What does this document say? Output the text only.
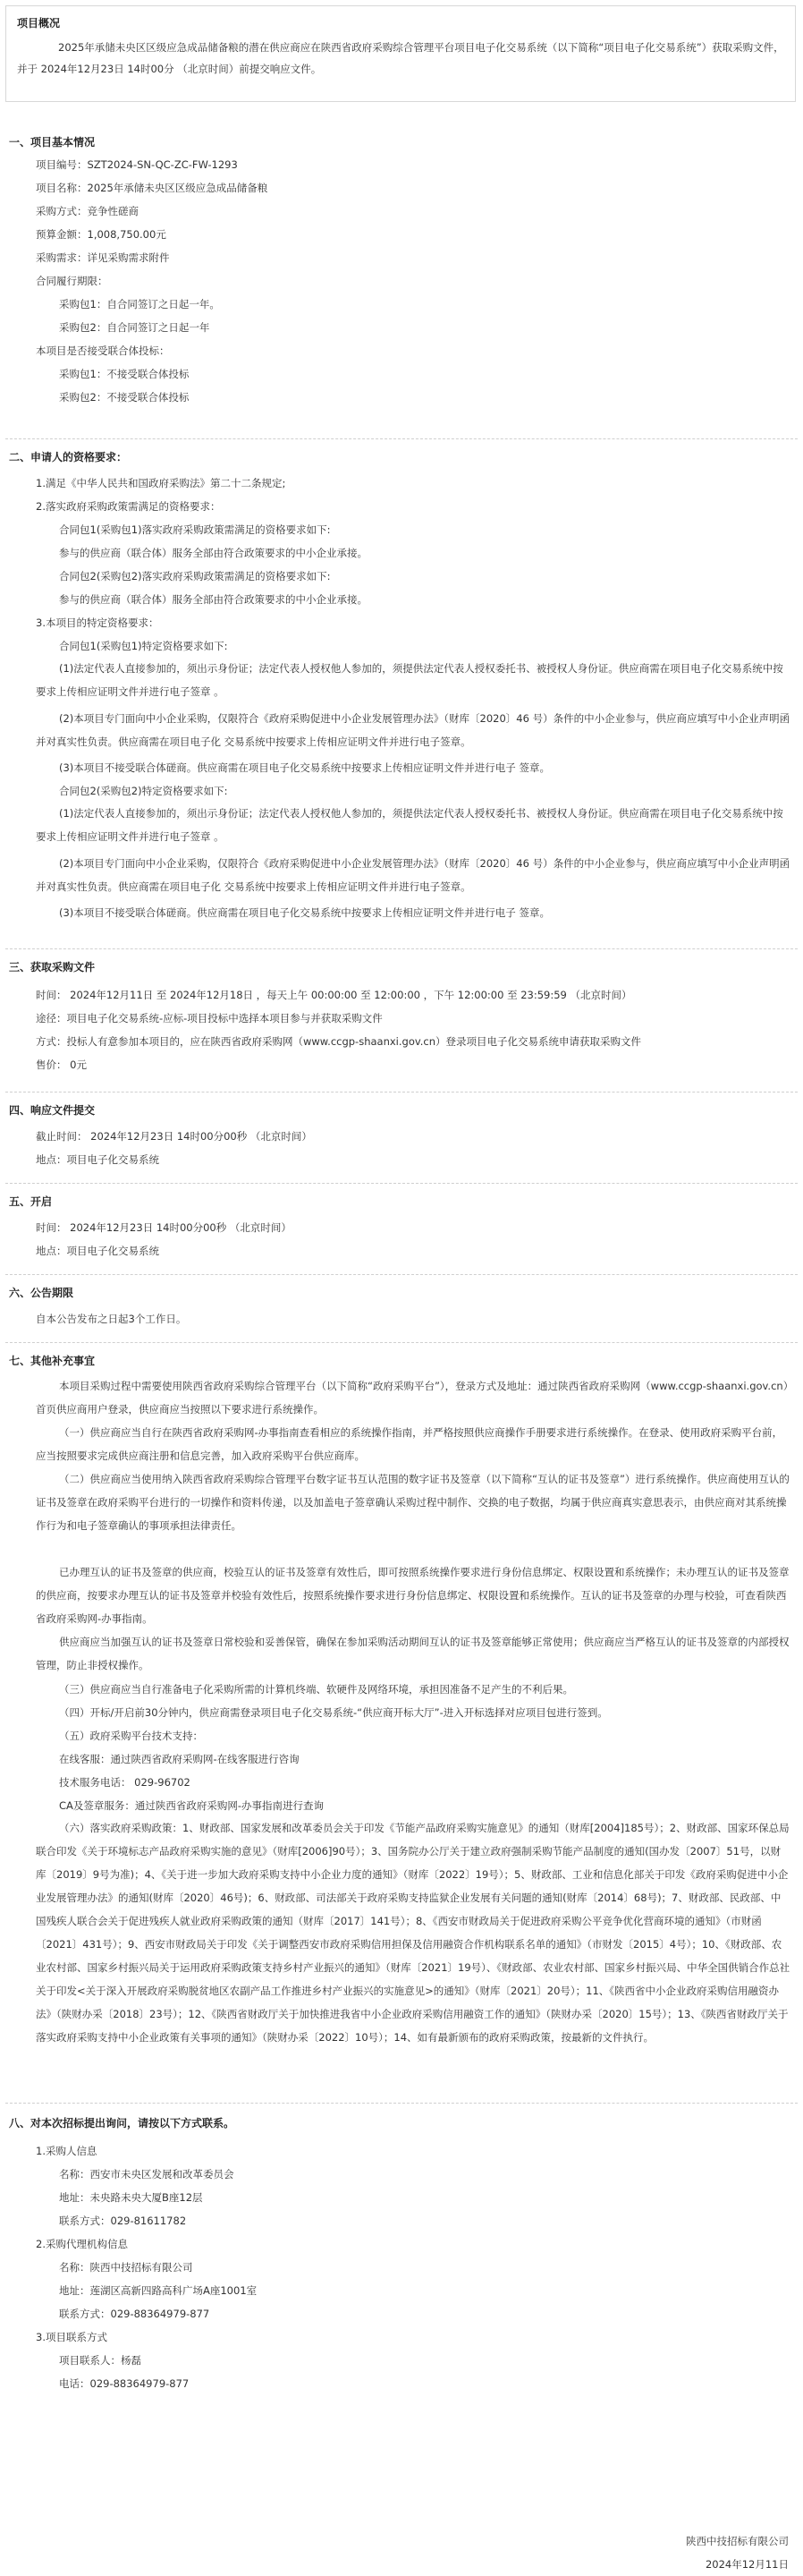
项目概况
2025年承储未央区区级应急成品储备粮的潜在供应商应在陕西省政府采购综合管理平台项目电子化交易系统（以下简称“项目电子化交易系统”）获取采购文件，并于 2024年12月23日 14时00分 （北京时间）前提交响应文件。
一、项目基本情况
项目编号：SZT2024-SN-QC-ZC-FW-1293
项目名称：2025年承储未央区区级应急成品储备粮
采购方式：竞争性磋商
预算金额：1,008,750.00元
采购需求：详见采购需求附件
合同履行期限：
采购包1：自合同签订之日起一年。
采购包2：自合同签订之日起一年
本项目是否接受联合体投标：
采购包1：不接受联合体投标
采购包2：不接受联合体投标
二、申请人的资格要求：
1.满足《中华人民共和国政府采购法》第二十二条规定;
2.落实政府采购政策需满足的资格要求：
合同包1(采购包1)落实政府采购政策需满足的资格要求如下:
参与的供应商（联合体）服务全部由符合政策要求的中小企业承接。
合同包2(采购包2)落实政府采购政策需满足的资格要求如下:
参与的供应商（联合体）服务全部由符合政策要求的中小企业承接。
3.本项目的特定资格要求：
合同包1(采购包1)特定资格要求如下:
(1)法定代表人直接参加的，须出示身份证；法定代表人授权他人参加的，须提供法定代表人授权委托书、被授权人身份证。供应商需在项目电子化交易系统中按要求上传相应证明文件并进行电子签章 。
(2)本项目专门面向中小企业采购，仅限符合《政府采购促进中小企业发展管理办法》（财库〔2020〕46 号）条件的中小企业参与，供应商应填写中小企业声明函并对真实性负责。供应商需在项目电子化 交易系统中按要求上传相应证明文件并进行电子签章。
(3)本项目不接受联合体磋商。供应商需在项目电子化交易系统中按要求上传相应证明文件并进行电子 签章。
合同包2(采购包2)特定资格要求如下:
(1)法定代表人直接参加的，须出示身份证；法定代表人授权他人参加的，须提供法定代表人授权委托书、被授权人身份证。供应商需在项目电子化交易系统中按要求上传相应证明文件并进行电子签章 。
(2)本项目专门面向中小企业采购，仅限符合《政府采购促进中小企业发展管理办法》（财库〔2020〕46 号）条件的中小企业参与，供应商应填写中小企业声明函并对真实性负责。供应商需在项目电子化 交易系统中按要求上传相应证明文件并进行电子签章。
(3)本项目不接受联合体磋商。供应商需在项目电子化交易系统中按要求上传相应证明文件并进行电子 签章。
三、获取采购文件
时间： 2024年12月11日 至 2024年12月18日 ，每天上午 00:00:00 至 12:00:00 ，下午 12:00:00 至 23:59:59 （北京时间）
途径：项目电子化交易系统-应标-项目投标中选择本项目参与并获取采购文件
方式：投标人有意参加本项目的，应在陕西省政府采购网（www.ccgp-shaanxi.gov.cn）登录项目电子化交易系统申请获取采购文件
售价： 0元
四、响应文件提交
截止时间： 2024年12月23日 14时00分00秒 （北京时间）
地点：项目电子化交易系统
五、开启
时间： 2024年12月23日 14时00分00秒 （北京时间）
地点：项目电子化交易系统
六、公告期限
自本公告发布之日起3个工作日。
七、其他补充事宜
本项目采购过程中需要使用陕西省政府采购综合管理平台（以下简称“政府采购平台”），登录方式及地址：通过陕西省政府采购网（www.ccgp-shaanxi.gov.cn）首页供应商用户登录，供应商应当按照以下要求进行系统操作。
（一）供应商应当自行在陕西省政府采购网-办事指南查看相应的系统操作指南，并严格按照供应商操作手册要求进行系统操作。在登录、使用政府采购平台前，应当按照要求完成供应商注册和信息完善，加入政府采购平台供应商库。
（二）供应商应当使用纳入陕西省政府采购综合管理平台数字证书互认范围的数字证书及签章（以下简称“互认的证书及签章”）进行系统操作。供应商使用互认的证书及签章在政府采购平台进行的一切操作和资料传递，以及加盖电子签章确认采购过程中制作、交换的电子数据，均属于供应商真实意思表示，由供应商对其系统操作行为和电子签章确认的事项承担法律责任。
已办理互认的证书及签章的供应商，校验互认的证书及签章有效性后，即可按照系统操作要求进行身份信息绑定、权限设置和系统操作；未办理互认的证书及签章的供应商，按要求办理互认的证书及签章并校验有效性后，按照系统操作要求进行身份信息绑定、权限设置和系统操作。互认的证书及签章的办理与校验，可查看陕西省政府采购网-办事指南。
供应商应当加强互认的证书及签章日常校验和妥善保管，确保在参加采购活动期间互认的证书及签章能够正常使用；供应商应当严格互认的证书及签章的内部授权管理，防止非授权操作。
（三）供应商应当自行准备电子化采购所需的计算机终端、软硬件及网络环境，承担因准备不足产生的不利后果。
（四）开标/开启前30分钟内，供应商需登录项目电子化交易系统-“供应商开标大厅”-进入开标选择对应项目包进行签到。
（五）政府采购平台技术支持：
在线客服：通过陕西省政府采购网-在线客服进行咨询
技术服务电话： 029-96702
CA及签章服务：通过陕西省政府采购网-办事指南进行查询
（六）落实政府采购政策：1、财政部、国家发展和改革委员会关于印发《节能产品政府采购实施意见》的通知（财库[2004]185号）；2、财政部、国家环保总局联合印发《关于环境标志产品政府采购实施的意见》（财库[2006]90号）；3、国务院办公厅关于建立政府强制采购节能产品制度的通知(国办发〔2007〕51号，以财库〔2019〕9号为准)；4、《关于进一步加大政府采购支持中小企业力度的通知》（财库〔2022〕19号）；5、财政部、工业和信息化部关于印发《政府采购促进中小企业发展管理办法》的通知(财库〔2020〕46号)；6、财政部、司法部关于政府采购支持监狱企业发展有关问题的通知(财库〔2014〕68号)；7、财政部、民政部、中国残疾人联合会关于促进残疾人就业政府采购政策的通知（财库〔2017〕141号）；8、《西安市财政局关于促进政府采购公平竞争优化营商环境的通知》（市财函〔2021〕431号）；9、西安市财政局关于印发《关于调整西安市政府采购信用担保及信用融资合作机构联系名单的通知》（市财发〔2015〕4号）；10、《财政部、农业农村部、国家乡村振兴局关于运用政府采购政策支持乡村产业振兴的通知》（财库〔2021〕19号）、《财政部、农业农村部、国家乡村振兴局、中华全国供销合作总社关于印发<关于深入开展政府采购脱贫地区农副产品工作推进乡村产业振兴的实施意见>的通知》（财库〔2021〕20号）；11、《陕西省中小企业政府采购信用融资办法》（陕财办采〔2018〕23号）；12、《陕西省财政厅关于加快推进我省中小企业政府采购信用融资工作的通知》（陕财办采〔2020〕15号）；13、《陕西省财政厅关于落实政府采购支持中小企业政策有关事项的通知》（陕财办采〔2022〕10号）；14、如有最新颁布的政府采购政策，按最新的文件执行。
八、对本次招标提出询问，请按以下方式联系。
1.采购人信息
名称：西安市未央区发展和改革委员会
地址：未央路未央大厦B座12层
联系方式：029-81611782
2.采购代理机构信息
名称：陕西中技招标有限公司
地址：莲湖区高新四路高科广场A座1001室
联系方式：029-88364979-877
3.项目联系方式
项目联系人：杨磊
电话：029-88364979-877
陕西中技招标有限公司
2024年12月11日
